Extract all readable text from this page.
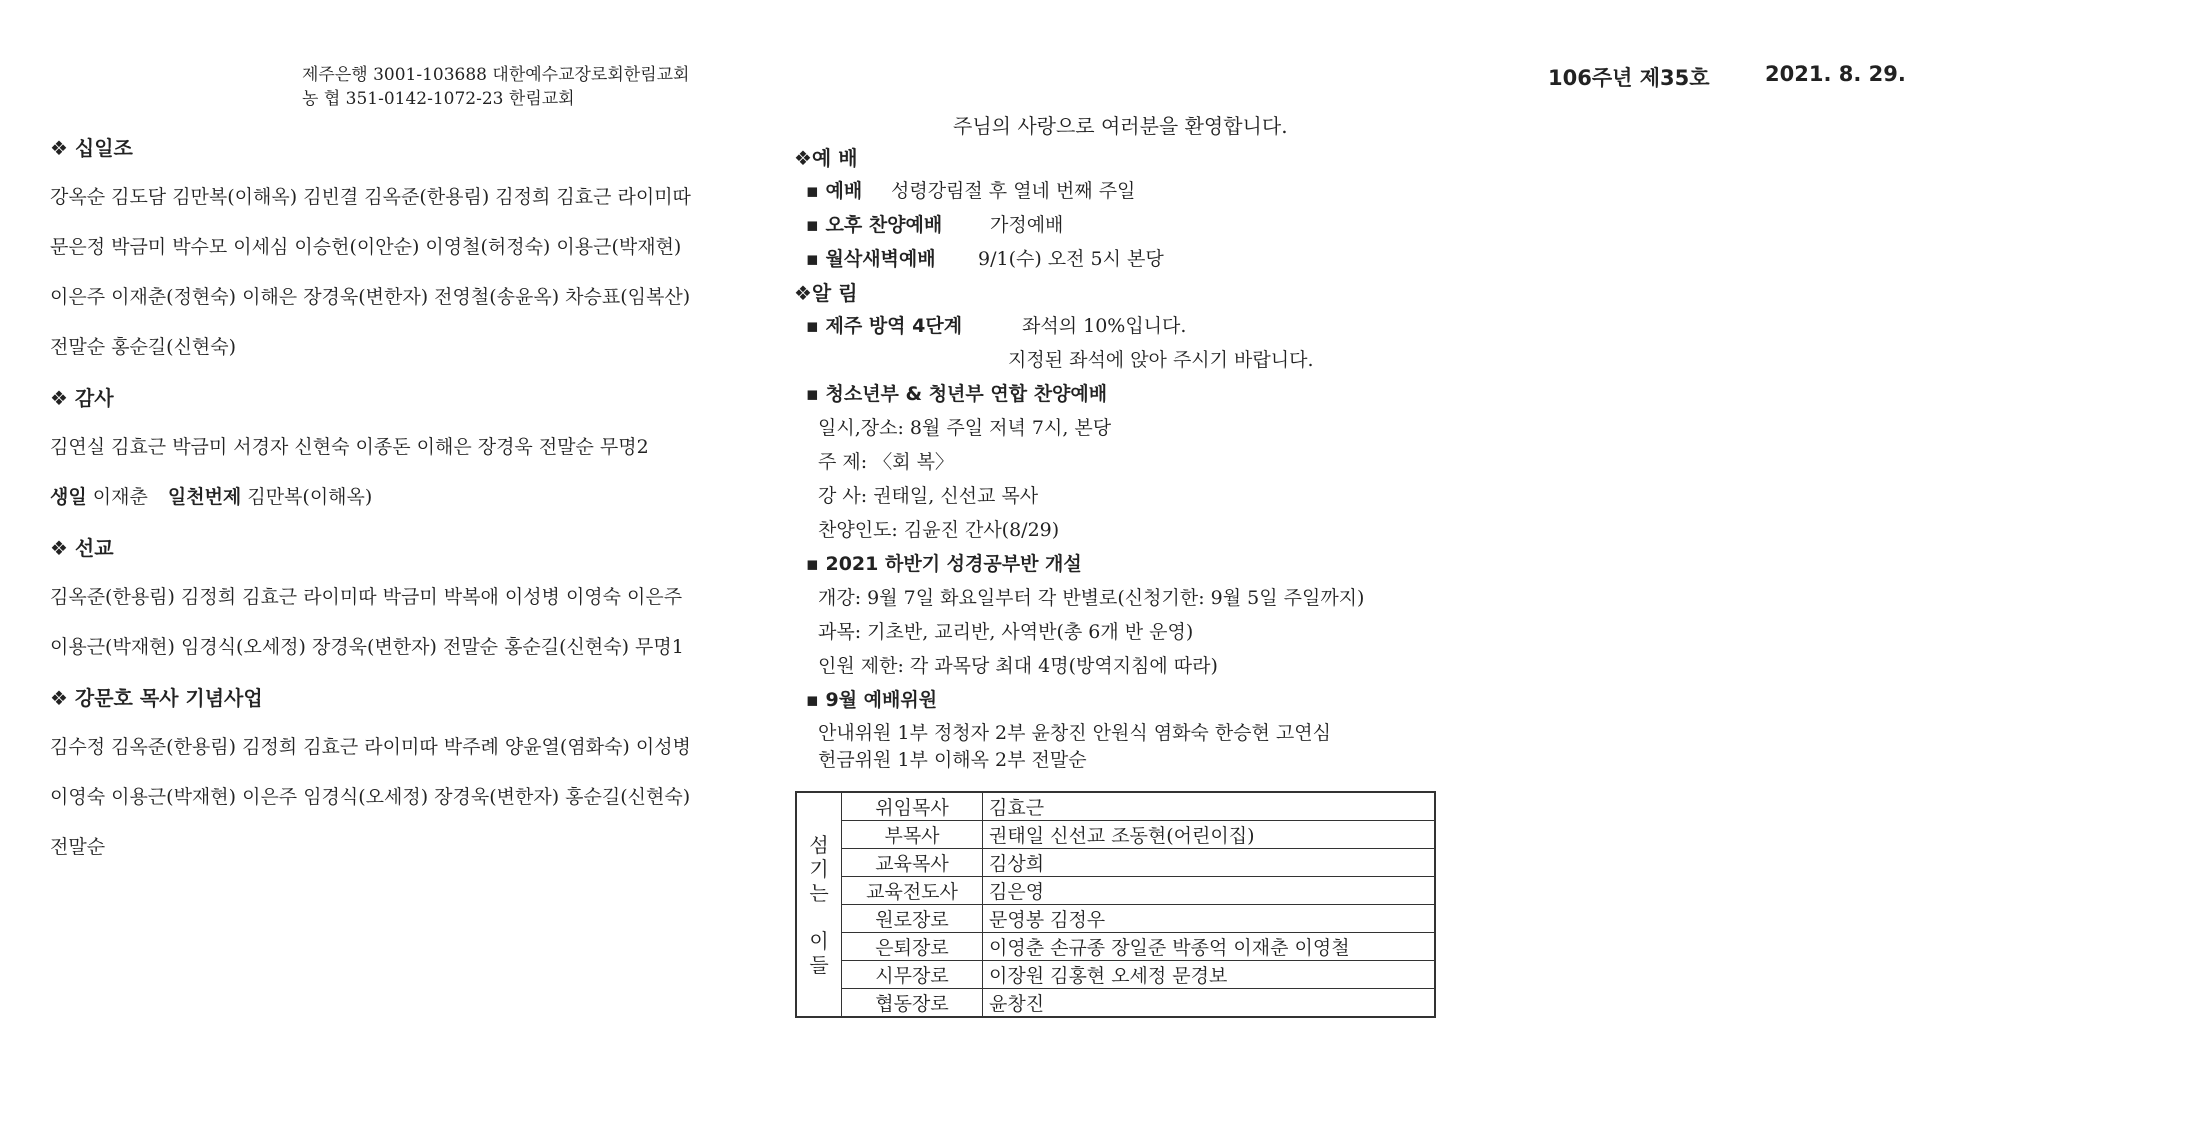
제주은행 3001-103688 대한예수교장로회한림교회
농 협 351-0142-1072-23 한림교회
106주년 제35호	2021. 8. 29.
주님의 사랑으로 여러분을 환영합니다.
❖ 십일조
강옥순 김도담 김만복(이해옥) 김빈결 김옥준(한용림) 김정희 김효근 라이미따
문은정 박금미 박수모 이세심 이승헌(이안순) 이영철(허정숙) 이용근(박재현)
이은주 이재춘(정현숙) 이해은 장경욱(변한자) 전영철(송윤옥) 차승표(임복산)
전말순 홍순길(신현숙)
❖ 감사
김연실 김효근 박금미 서경자 신현숙 이종돈 이해은 장경욱 전말순 무명2
생일 이재춘 일천번제 김만복(이해옥)
❖ 선교
김옥준(한용림) 김정희 김효근 라이미따 박금미 박복애 이성병 이영숙 이은주
이용근(박재현) 임경식(오세정) 장경욱(변한자) 전말순 홍순길(신현숙) 무명1
❖ 강문호 목사 기념사업
김수정 김옥준(한용림) 김정희 김효근 라이미따 박주례 양윤열(염화숙) 이성병
이영숙 이용근(박재현) 이은주 임경식(오세정) 장경욱(변한자) 홍순길(신현숙)
전말순
❖예 배
▪ 예배 성령강림절 후 열네 번째 주일
▪ 오후 찬양예배	가정예배
▪ 월삭새벽예배 9/1(수) 오전 5시 본당
❖알 림
▪ 제주 방역 4단계	좌석의 10%입니다.
지정된 좌석에 앉아 주시기 바랍니다.
▪ 청소년부 & 청년부 연합 찬양예배
일시,장소: 8월 주일 저녁 7시, 본당
주 제: 〈회 복〉
강 사: 권태일, 신선교 목사
찬양인도: 김윤진 간사(8/29)
▪ 2021 하반기 성경공부반 개설
개강: 9월 7일 화요일부터 각 반별로(신청기한: 9월 5일 주일까지)
과목: 기초반, 교리반, 사역반(총 6개 반 운영)
인원 제한: 각 과목당 최대 4명(방역지침에 따라)
▪ 9월 예배위원
안내위원 1부 정청자 2부 윤창진 안원식 염화숙 한승현 고연심
헌금위원 1부 이해옥 2부 전말순
섬
기
는
이
들	위임목사	김효근
	부목사	권태일 신선교 조동현(어린이집)
	교육목사	김상희
	교육전도사	김은영
	원로장로	문영봉 김정우
	은퇴장로	이영춘 손규종 장일준 박종억 이재춘 이영철
	시무장로	이장원 김홍현 오세정 문경보
	협동장로	윤창진
